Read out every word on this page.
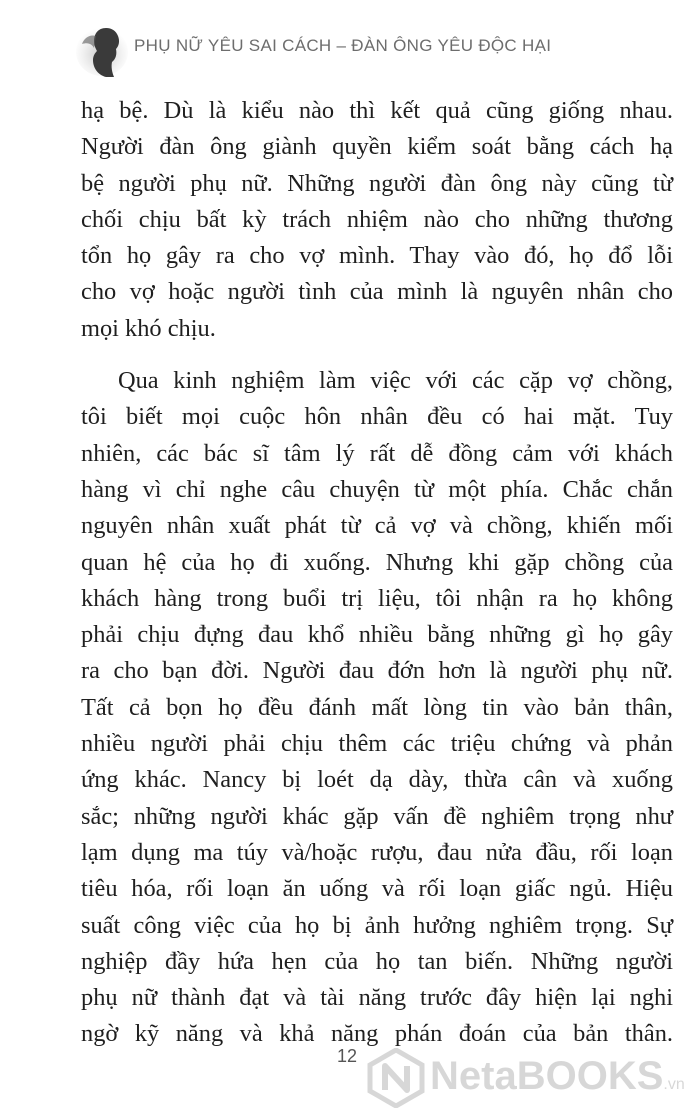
PHỤ NỮ YÊU SAI CÁCH – ĐÀN ÔNG YÊU ĐỘC HẠI
hạ bệ. Dù là kiểu nào thì kết quả cũng giống nhau.
Người đàn ông giành quyền kiểm soát bằng cách hạ
bệ người phụ nữ. Những người đàn ông này cũng từ
chối chịu bất kỳ trách nhiệm nào cho những thương
tổn họ gây ra cho vợ mình. Thay vào đó, họ đổ lỗi
cho vợ hoặc người tình của mình là nguyên nhân cho
mọi khó chịu.
Qua kinh nghiệm làm việc với các cặp vợ chồng,
tôi biết mọi cuộc hôn nhân đều có hai mặt. Tuy
nhiên, các bác sĩ tâm lý rất dễ đồng cảm với khách
hàng vì chỉ nghe câu chuyện từ một phía. Chắc chắn
nguyên nhân xuất phát từ cả vợ và chồng, khiến mối
quan hệ của họ đi xuống. Nhưng khi gặp chồng của
khách hàng trong buổi trị liệu, tôi nhận ra họ không
phải chịu đựng đau khổ nhiều bằng những gì họ gây
ra cho bạn đời. Người đau đớn hơn là người phụ nữ.
Tất cả bọn họ đều đánh mất lòng tin vào bản thân,
nhiều người phải chịu thêm các triệu chứng và phản
ứng khác. Nancy bị loét dạ dày, thừa cân và xuống
sắc; những người khác gặp vấn đề nghiêm trọng như
lạm dụng ma túy và/hoặc rượu, đau nửa đầu, rối loạn
tiêu hóa, rối loạn ăn uống và rối loạn giấc ngủ. Hiệu
suất công việc của họ bị ảnh hưởng nghiêm trọng. Sự
nghiệp đầy hứa hẹn của họ tan biến. Những người
phụ nữ thành đạt và tài năng trước đây hiện lại nghi
ngờ kỹ năng và khả năng phán đoán của bản thân.
12 NetaBOOKS.vn
